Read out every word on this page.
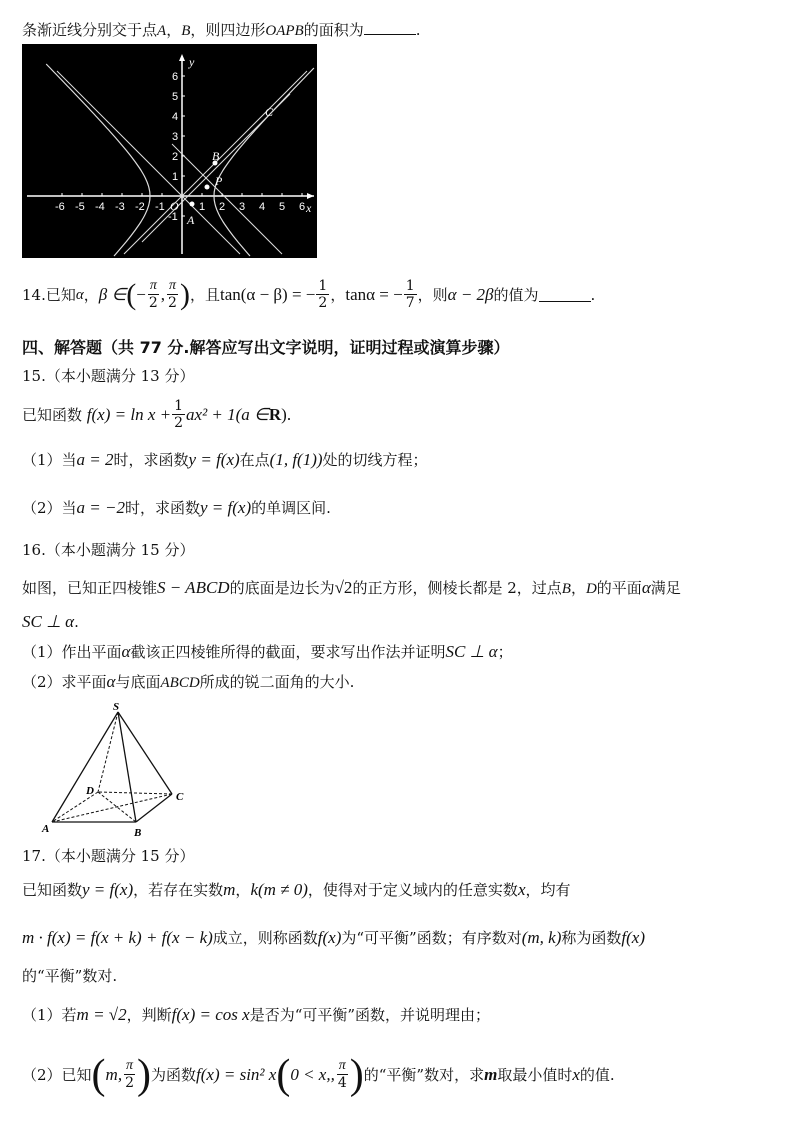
条渐近线分别交于点A，B，则四边形OAPB的面积为	.
-6 -5 -4 -3 -2 -1	1 2 3 4 5 6
6
5
4
3
2
1
-1
O
A
B
P
C
x
y
14.已知 α ， β ∈ ( − $\frac{\pi}{2}$ , $\frac{\pi}{2}$ ) ，且 tan(α − β) = − $\frac{1}{2}$ ， tanα = − $\frac{1}{7}$ ，则 α − 2β 的值为	.
四、解答题（共 77 分.解答应写出文字说明，证明过程或演算步骤）
15.（本小题满分 13 分）
已知函数
$f(x) = \ln x + \frac{1}{2} ax^2 + 1(a$ ∈ R ).
（1）当a = 2时，求函数y = f(x)在点(1, f(1))处的切线方程；
（2）当a = −2时，求函数y = f(x)的单调区间.
16.（本小题满分 15 分）
如图，已知正四棱锥S − ABCD的底面是边长为√2的正方形，侧棱长都是 2，过点B，D的平面α满足
SC ⊥ α.
（1）作出平面α截该正四棱锥所得的截面，要求写出作法并证明SC ⊥ α；
（2）求平面α与底面ABCD所成的锐二面角的大小.
S
A	B
C
D
17.（本小题满分 15 分）
已知函数y = f(x)，若存在实数m，k(m ≠ 0)，使得对于定义域内的任意实数x，均有
m · f(x) = f(x + k) + f(x − k)成立，则称函数f(x)为“可平衡”函数；有序数对(m, k)称为函数f(x)
的“平衡”数对.
（1）若m = √2，判断f(x) = cos x是否为“可平衡”函数，并说明理由；
（2）已知 ( m, $\frac{\pi}{2}$ ) 为函数 f(x) = sin² x ( 0 < x,, $\frac{\pi}{4}$ ) 的“平衡”数对，求 m 取最小值时 x 的值.
